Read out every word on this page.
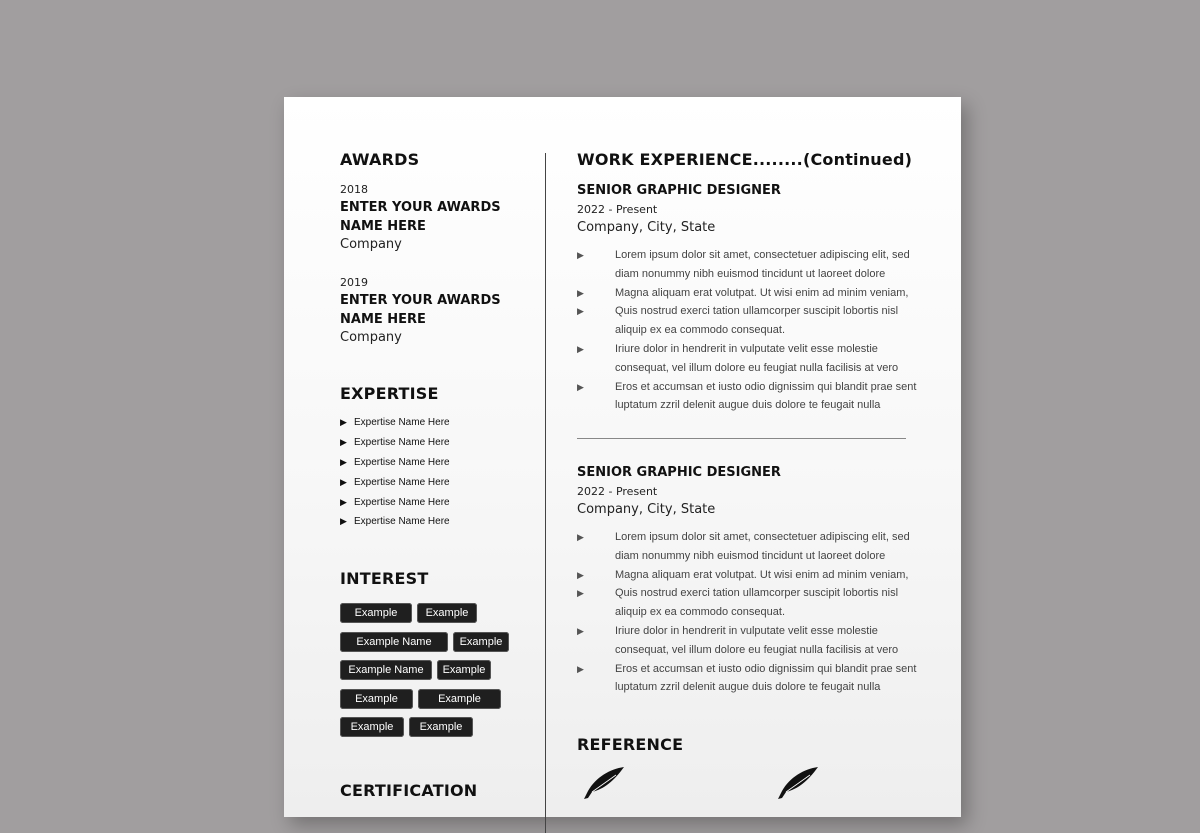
AWARDS
2018
ENTER YOUR AWARDS NAME HERE
Company
2019
ENTER YOUR AWARDS NAME HERE
Company
EXPERTISE
▶ Expertise Name Here
▶ Expertise Name Here
▶ Expertise Name Here
▶ Expertise Name Here
▶ Expertise Name Here
▶ Expertise Name Here
INTEREST
Example	Example
Example Name	Example
Example Name	Example
Example	Example
Example	Example
CERTIFICATION
WORK EXPERIENCE........(Continued)
SENIOR GRAPHIC DESIGNER
2022 - Present
Company, City, State
▶	Lorem ipsum dolor sit amet, consectetuer adipiscing elit, sed diam nonummy nibh euismod tincidunt ut laoreet dolore
▶	Magna aliquam erat volutpat. Ut wisi enim ad minim veniam,
▶	Quis nostrud exerci tation ullamcorper suscipit lobortis nisl aliquip ex ea commodo consequat.
▶	Iriure dolor in hendrerit in vulputate velit esse molestie consequat, vel illum dolore eu feugiat nulla facilisis at vero
▶	Eros et accumsan et iusto odio dignissim qui blandit prae sent luptatum zzril delenit augue duis dolore te feugait nulla
SENIOR GRAPHIC DESIGNER
2022 - Present
Company, City, State
▶	Lorem ipsum dolor sit amet, consectetuer adipiscing elit, sed diam nonummy nibh euismod tincidunt ut laoreet dolore
▶	Magna aliquam erat volutpat. Ut wisi enim ad minim veniam,
▶	Quis nostrud exerci tation ullamcorper suscipit lobortis nisl aliquip ex ea commodo consequat.
▶	Iriure dolor in hendrerit in vulputate velit esse molestie consequat, vel illum dolore eu feugiat nulla facilisis at vero
▶	Eros et accumsan et iusto odio dignissim qui blandit prae sent luptatum zzril delenit augue duis dolore te feugait nulla
REFERENCE
